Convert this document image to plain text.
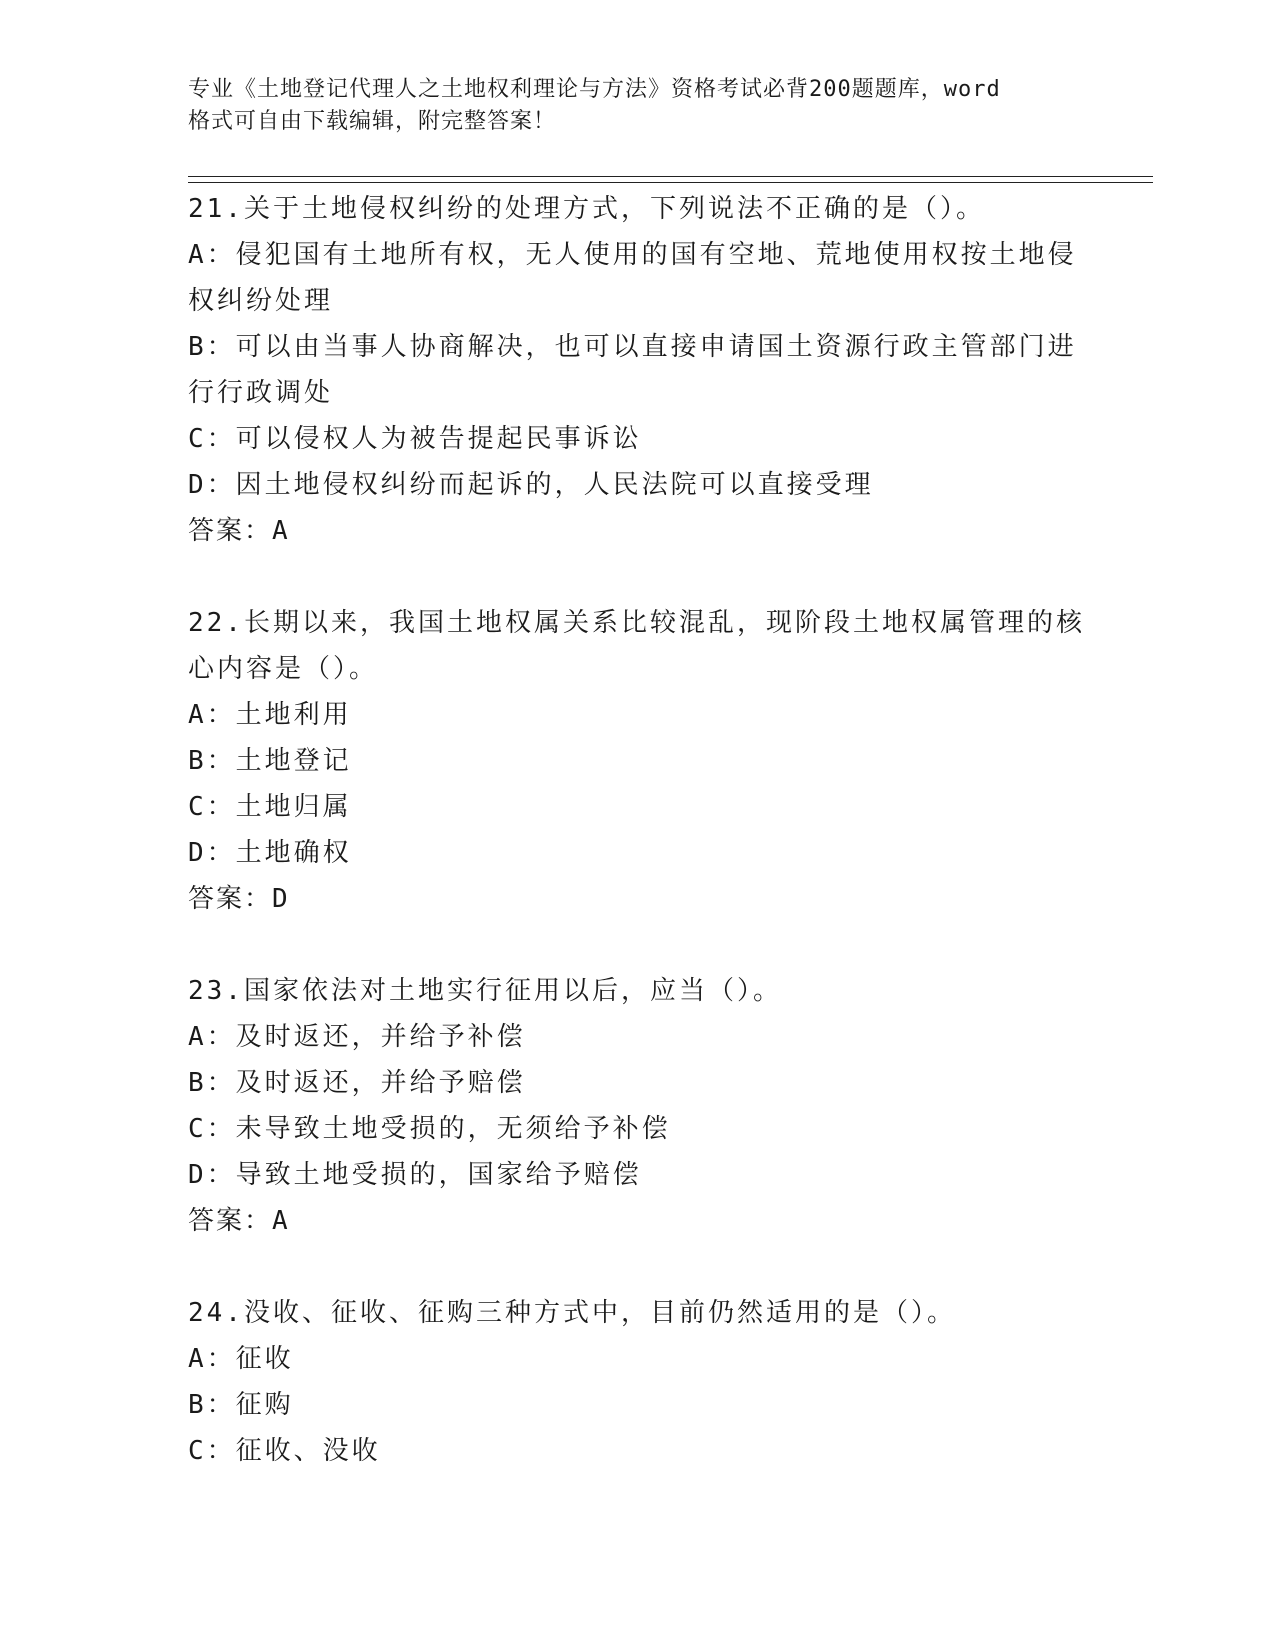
专业《土地登记代理人之土地权利理论与方法》资格考试必背200题题库，word
格式可自由下载编辑，附完整答案！
21.关于土地侵权纠纷的处理方式，下列说法不正确的是（）。
A：侵犯国有土地所有权，无人使用的国有空地、荒地使用权按土地侵
权纠纷处理
B：可以由当事人协商解决，也可以直接申请国土资源行政主管部门进
行行政调处
C：可以侵权人为被告提起民事诉讼
D：因土地侵权纠纷而起诉的，人民法院可以直接受理
答案：A
22.长期以来，我国土地权属关系比较混乱，现阶段土地权属管理的核
心内容是（）。
A：土地利用
B：土地登记
C：土地归属
D：土地确权
答案：D
23.国家依法对土地实行征用以后，应当（）。
A：及时返还，并给予补偿
B：及时返还，并给予赔偿
C：未导致土地受损的，无须给予补偿
D：导致土地受损的，国家给予赔偿
答案：A
24.没收、征收、征购三种方式中，目前仍然适用的是（）。
A：征收
B：征购
C：征收、没收
